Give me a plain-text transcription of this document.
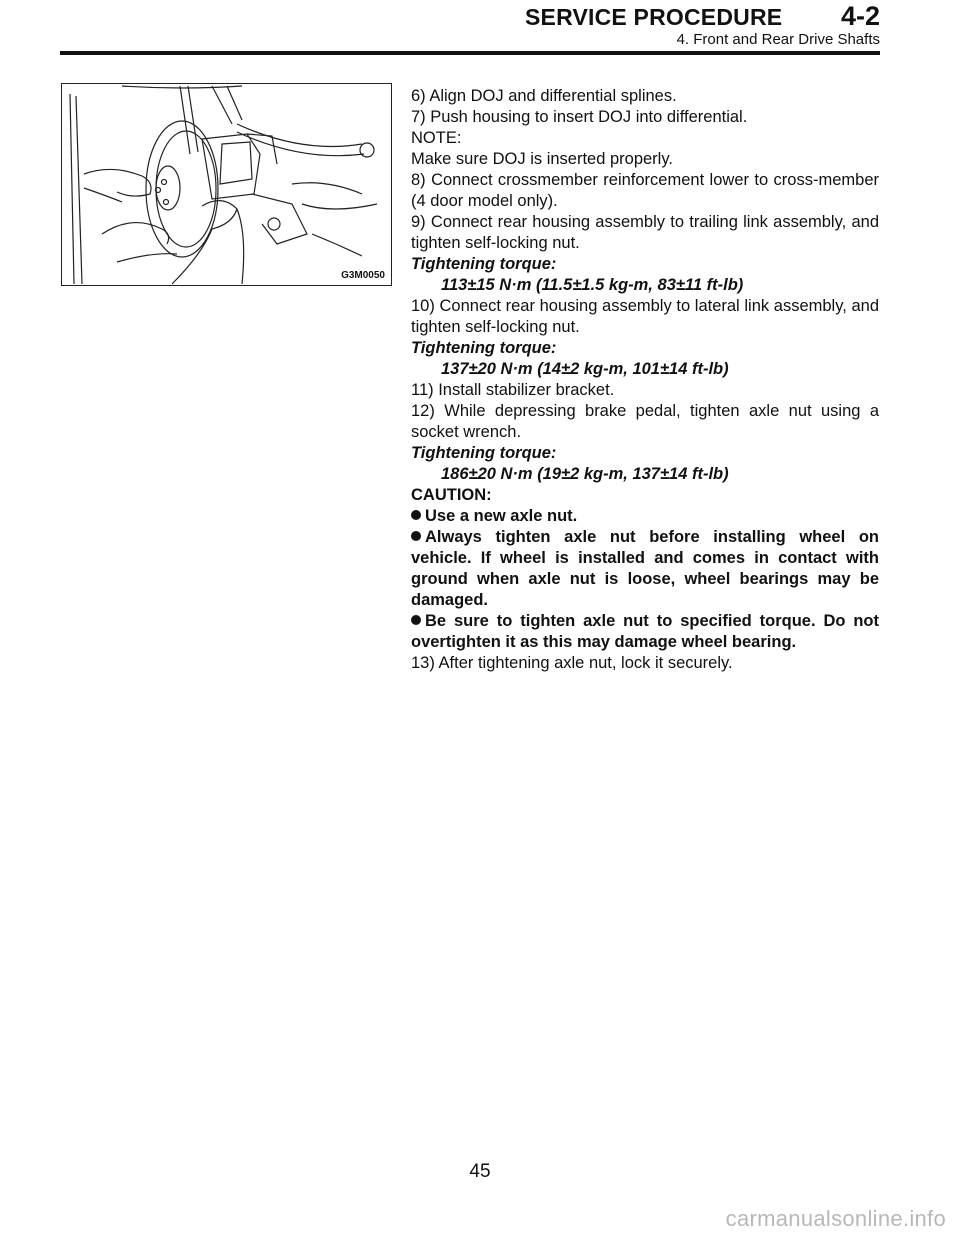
SERVICE PROCEDURE 4-2
4. Front and Rear Drive Shafts
G3M0050

6) Align DOJ and differential splines.

7) Push housing to insert DOJ into differential.

NOTE:

Make sure DOJ is inserted properly.

8) Connect crossmember reinforcement lower to cross-member (4 door model only).

9) Connect rear housing assembly to trailing link assembly, and tighten self-locking nut.

Tightening torque:

113±15 N·m (11.5±1.5 kg-m, 83±11 ft-lb)

10) Connect rear housing assembly to lateral link assembly, and tighten self-locking nut.

Tightening torque:

137±20 N·m (14±2 kg-m, 101±14 ft-lb)

11) Install stabilizer bracket.

12) While depressing brake pedal, tighten axle nut using a socket wrench.

Tightening torque:

186±20 N·m (19±2 kg-m, 137±14 ft-lb)

CAUTION:

Use a new axle nut.

Always tighten axle nut before installing wheel on vehicle. If wheel is installed and comes in contact with ground when axle nut is loose, wheel bearings may be damaged.

Be sure to tighten axle nut to specified torque. Do not overtighten it as this may damage wheel bearing.

13) After tightening axle nut, lock it securely.

45
carmanualsonline.info
